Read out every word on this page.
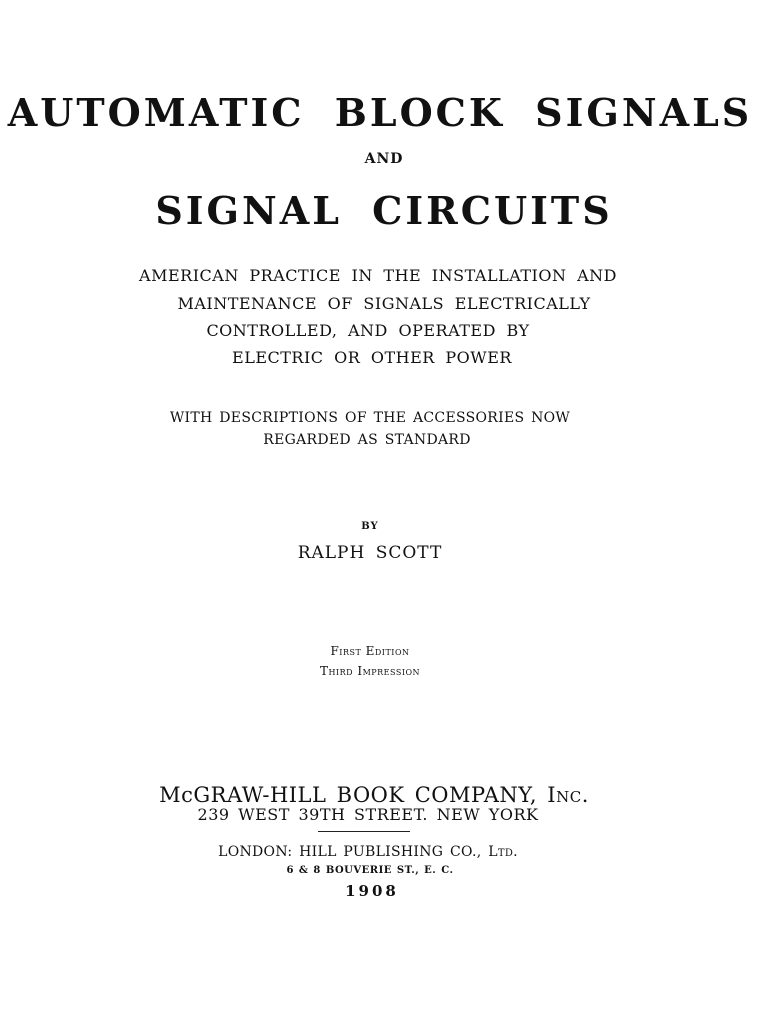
AUTOMATIC BLOCK SIGNALS
AND
SIGNAL CIRCUITS
AMERICAN PRACTICE IN THE INSTALLATION AND
MAINTENANCE OF SIGNALS ELECTRICALLY
CONTROLLED, AND OPERATED BY
ELECTRIC OR OTHER POWER
WITH DESCRIPTIONS OF THE ACCESSORIES NOW
REGARDED AS STANDARD
BY
RALPH SCOTT
First Edition
Third Impression
McGRAW-HILL BOOK COMPANY, Inc.
239 WEST 39TH STREET. NEW YORK
LONDON: HILL PUBLISHING CO., Ltd.
6 & 8 BOUVERIE ST., E. C.
1908
